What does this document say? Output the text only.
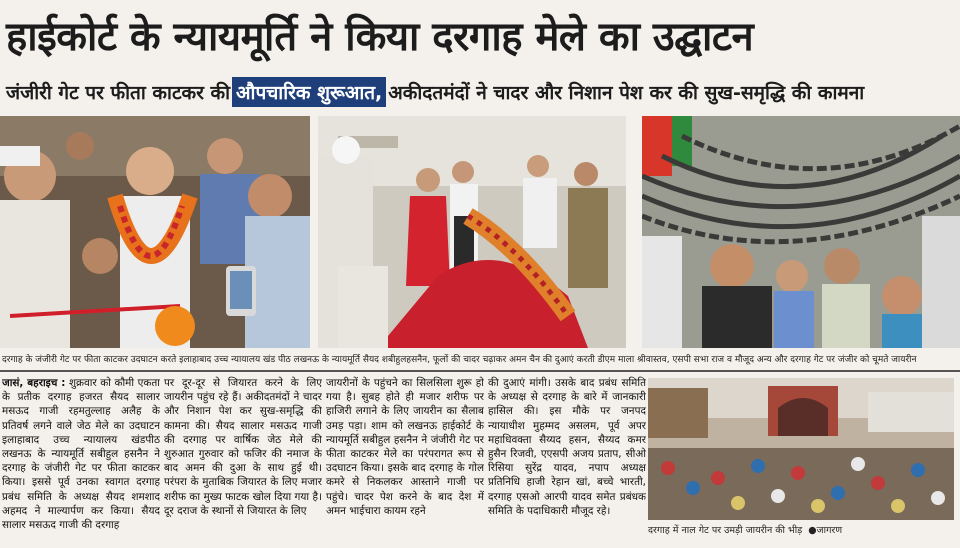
हाईकोर्ट के न्यायमूर्ति ने किया दरगाह मेले का उद्घाटन
जंजीरी गेट पर फीता काटकर की औपचारिक शुरूआत, अकीदतमंदों ने चादर और निशान पेश कर की सुख-समृद्धि की कामना
दरगाह के जंजीरी गेट पर फीता काटकर उदघाटन करते इलाहाबाद उच्च न्यायालय खंड पीठ लखनऊ के न्यायमूर्ति सैयद शबीहुलहसनैन, फूलों की चादर चढ़ाकर अमन चैन की दुआएं करती डीएम माला श्रीवास्तव, एसपी सभा राज व मौजूद अन्य और दरगाह गेट पर जंजीर को चूमते जायरीन
जासं, बहराइच : शुक्रवार को कौमी एकता के प्रतीक दरगाह हजरत सैयद सालार मसऊद गाजी रहमतुल्लाह अलैह के प्रतिवर्ष लगने वाले जेठ मेले का उदघाटन इलाहाबाद उच्च न्यायालय खंडपीठ लखनऊ के न्यायमूर्ति सबीहुल हसनैन ने दरगाह के जंजीरी गेट पर फीता काटकर किया। इससे पूर्व उनका स्वागत दरगाह प्रबंध समिति के अध्यक्ष सैयद शमशाद अहमद ने माल्यार्पण कर किया। सैयद सालार मसऊद गाजी की दरगाह
पर दूर-दूर से जियारत करने के लिए जायरीन पहुंच रहे हैं। अकीदतमंदों ने चादर और निशान पेश कर सुख-समृद्धि की कामना की। सैयद सालार मसऊद गाजी की दरगाह पर वार्षिक जेठ मेले की शुरुआत गुरुवार को फजिर की नमाज के बाद अमन की दुआ के साथ हुई थी। परंपरा के मुताबिक जियारत के लिए मजार शरीफ का मुख्य फाटक खोल दिया गया है। दूर दराज के स्थानों से जियारत के लिए
जायरीनों के पहुंचने का सिलसिला शुरू हो गया है। सुबह होते ही मजार शरीफ पर हाजिरी लगाने के लिए जायरीन का सैलाब उमड़ पड़ा। शाम को लखनऊ हाईकोर्ट के न्यायमूर्ति सबीहुल हसनैन ने जंजीरी गेट पर फीता काटकर मेले का परंपरागत रूप से उदघाटन किया। इसके बाद दरगाह के गोल कमरे से निकलकर आस्ताने गाजी पर पहुंचे। चादर पेश करने के बाद देश में अमन भाईचारा कायम रहने
की दुआएं मांगी। उसके बाद प्रबंध समिति के अध्यक्ष से दरगाह के बारे में जानकारी हासिल की। इस मौके पर जनपद न्यायाधीश मुहम्मद असलम, पूर्व अपर महाधिवक्ता सैय्यद हसन, सैय्यद कमर हुसैन रिजवी, एएसपी अजय प्रताप, सीओ रिसिया सुरेंद्र यादव, नपाप अध्यक्ष प्रतिनिधि हाजी रेहान खां, बच्चे भारती, दरगाह एसओ आरपी यादव समेत प्रबंधक समिति के पदाधिकारी मौजूद रहे।
दरगाह में नाल गेट पर उमड़ी जायरीन की भीड़ ●जागरण
